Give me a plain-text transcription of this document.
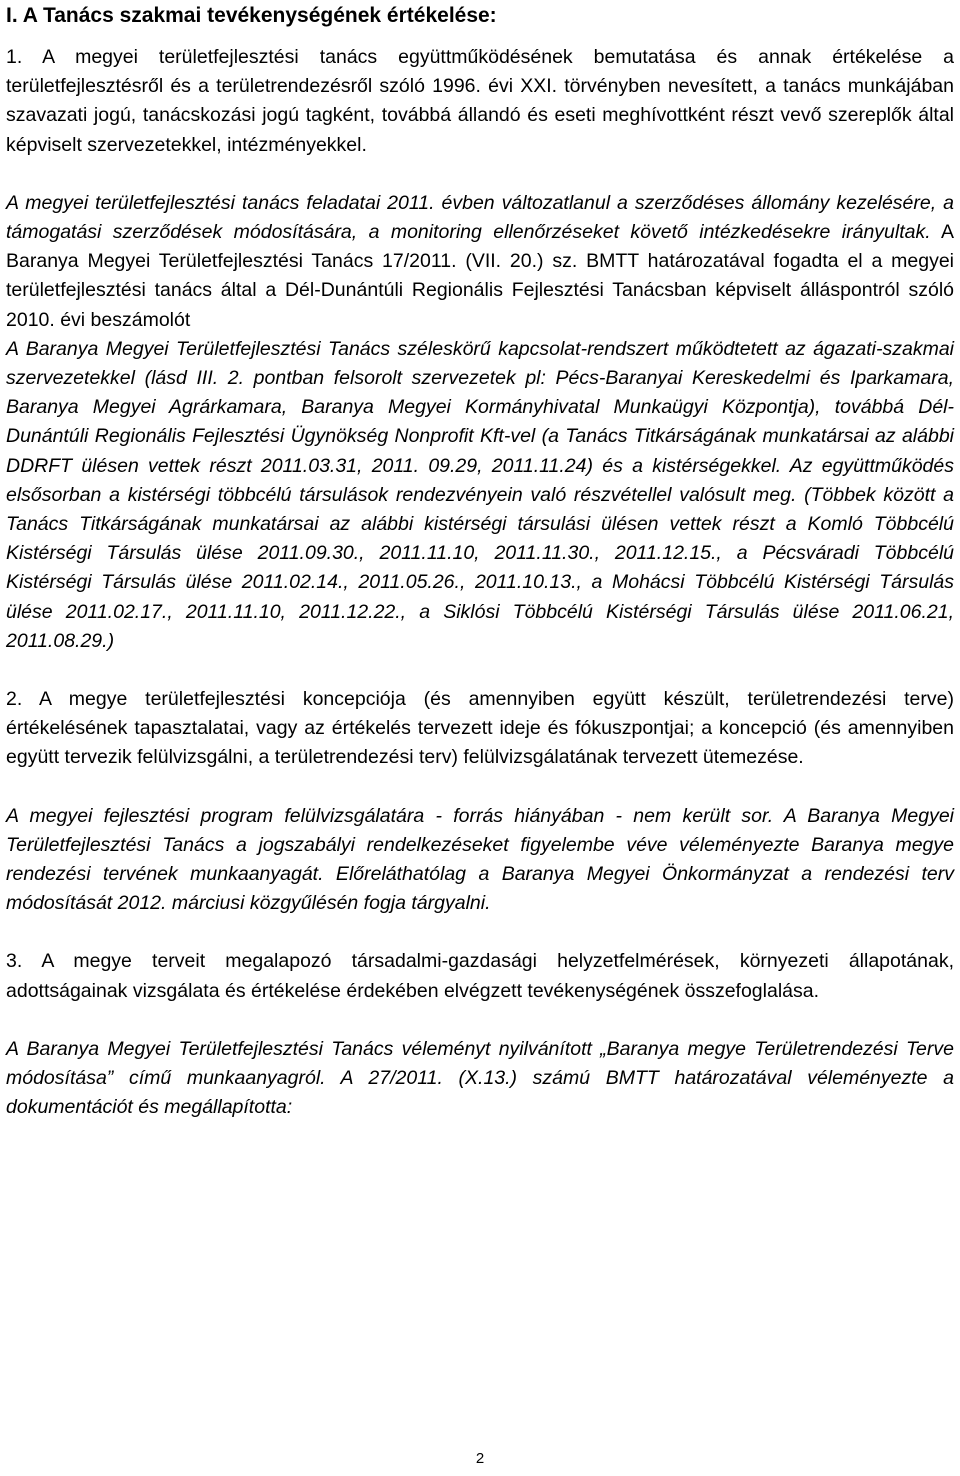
I. A Tanács szakmai tevékenységének értékelése:

1. A megyei területfejlesztési tanács együttműködésének bemutatása és annak értékelése a területfejlesztésről és a területrendezésről szóló 1996. évi XXI. törvényben nevesített, a tanács munkájában szavazati jogú, tanácskozási jogú tagként, továbbá állandó és eseti meghívottként részt vevő szereplők által képviselt szervezetekkel, intézményekkel.

A megyei területfejlesztési tanács feladatai 2011. évben változatlanul a szerződéses állomány kezelésére, a támogatási szerződések módosítására, a monitoring ellenőrzéseket követő intézkedésekre irányultak. A Baranya Megyei Területfejlesztési Tanács 17/2011. (VII. 20.) sz. BMTT határozatával fogadta el a megyei területfejlesztési tanács által a Dél-Dunántúli Regionális Fejlesztési Tanácsban képviselt álláspontról szóló 2010. évi beszámolót

A Baranya Megyei Területfejlesztési Tanács széleskörű kapcsolat-rendszert működtetett az ágazati-szakmai szervezetekkel (lásd III. 2. pontban felsorolt szervezetek pl: Pécs-Baranyai Kereskedelmi és Iparkamara, Baranya Megyei Agrárkamara, Baranya Megyei Kormányhivatal Munkaügyi Központja), továbbá Dél-Dunántúli Regionális Fejlesztési Ügynökség Nonprofit Kft-vel (a Tanács Titkárságának munkatársai az alábbi DDRFT ülésen vettek részt 2011.03.31, 2011. 09.29, 2011.11.24) és a kistérségekkel. Az együttműködés elsősorban a kistérségi többcélú társulások rendezvényein való részvétellel valósult meg. (Többek között a Tanács Titkárságának munkatársai az alábbi kistérségi társulási ülésen vettek részt a Komló Többcélú Kistérségi Társulás ülése 2011.09.30., 2011.11.10, 2011.11.30., 2011.12.15., a Pécsváradi Többcélú Kistérségi Társulás ülése 2011.02.14., 2011.05.26., 2011.10.13., a Mohácsi Többcélú Kistérségi Társulás ülése 2011.02.17., 2011.11.10, 2011.12.22., a Siklósi Többcélú Kistérségi Társulás ülése 2011.06.21, 2011.08.29.)

2. A megye területfejlesztési koncepciója (és amennyiben együtt készült, területrendezési terve) értékelésének tapasztalatai, vagy az értékelés tervezett ideje és fókuszpontjai; a koncepció (és amennyiben együtt tervezik felülvizsgálni, a területrendezési terv) felülvizsgálatának tervezett ütemezése.

A megyei fejlesztési program felülvizsgálatára - forrás hiányában - nem került sor. A Baranya Megyei Területfejlesztési Tanács a jogszabályi rendelkezéseket figyelembe véve véleményezte Baranya megye rendezési tervének munkaanyagát. Előreláthatólag a Baranya Megyei Önkormányzat a rendezési terv módosítását 2012. márciusi közgyűlésén fogja tárgyalni.

3. A megye terveit megalapozó társadalmi-gazdasági helyzetfelmérések, környezeti állapotának, adottságainak vizsgálata és értékelése érdekében elvégzett tevékenységének összefoglalása.

A Baranya Megyei Területfejlesztési Tanács véleményt nyilvánított „Baranya megye Területrendezési Terve módosítása” című munkaanyagról. A 27/2011. (X.13.) számú BMTT határozatával véleményezte a dokumentációt és megállapította:

2
